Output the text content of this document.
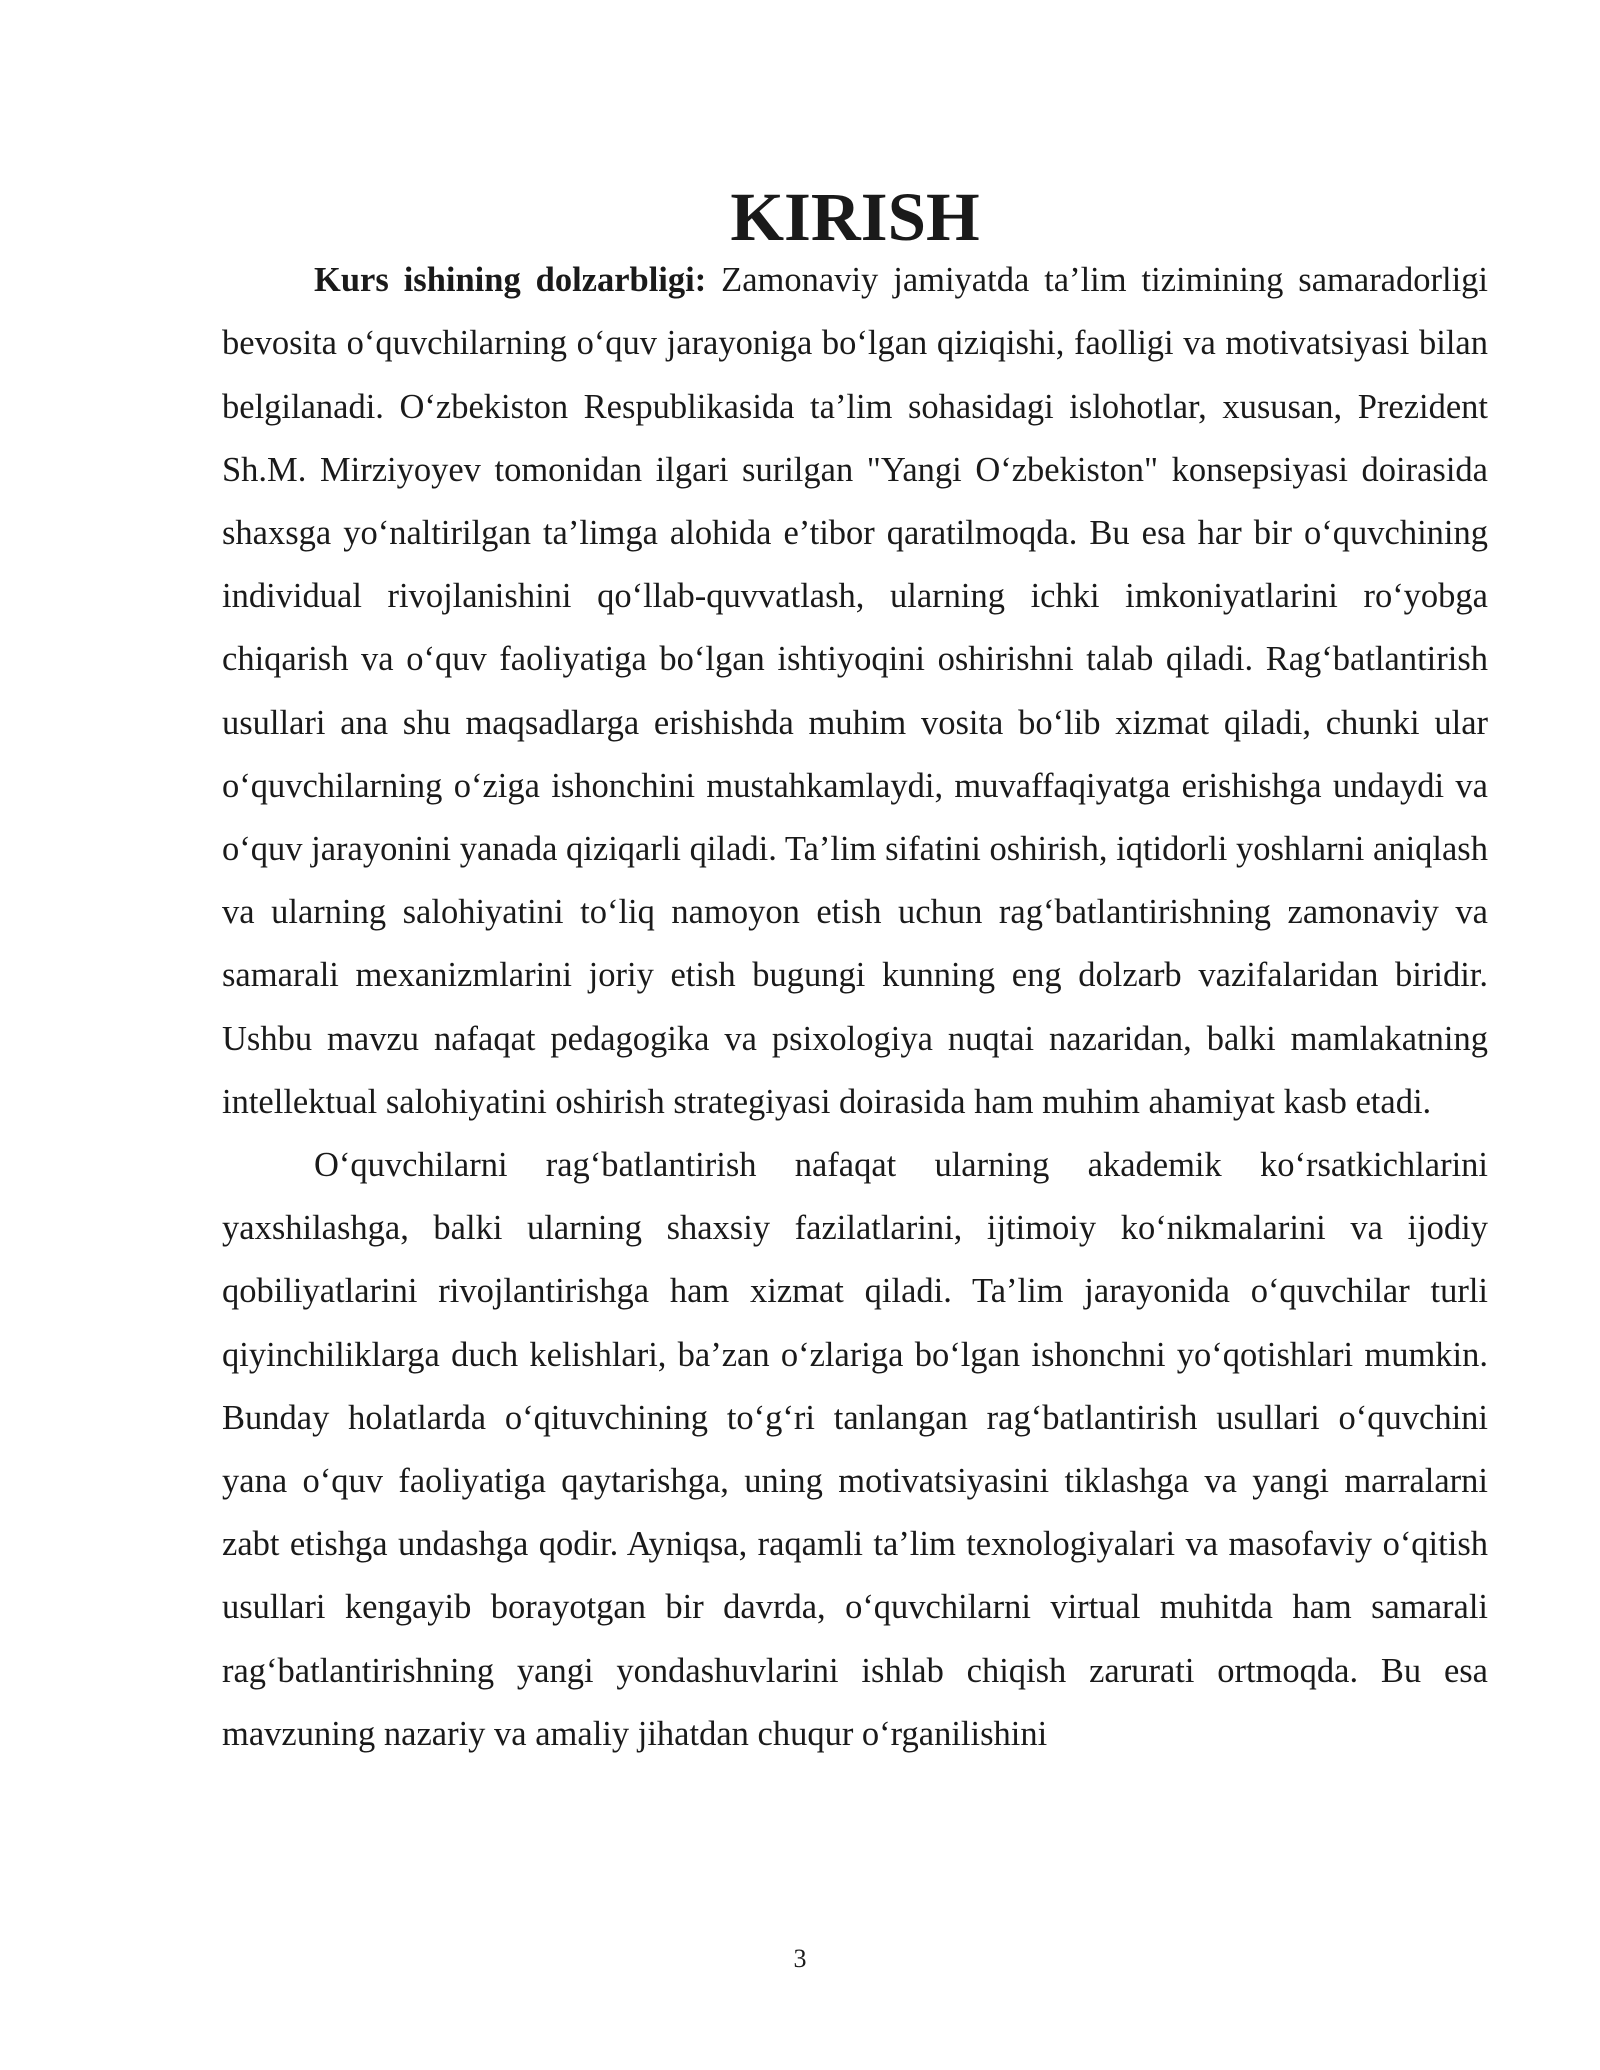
KIRISH

Kurs ishining dolzarbligi: Zamonaviy jamiyatda ta’lim tizimining samaradorligi bevosita o‘quvchilarning o‘quv jarayoniga bo‘lgan qiziqishi, faolligi va motivatsiyasi bilan belgilanadi. O‘zbekiston Respublikasida ta’lim sohasidagi islohotlar, xususan, Prezident Sh.M. Mirziyoyev tomonidan ilgari surilgan "Yangi O‘zbekiston" konsepsiyasi doirasida shaxsga yo‘naltirilgan ta’limga alohida e’tibor qaratilmoqda. Bu esa har bir o‘quvchining individual rivojlanishini qo‘llab-quvvatlash, ularning ichki imkoniyatlarini ro‘yobga chiqarish va o‘quv faoliyatiga bo‘lgan ishtiyoqini oshirishni talab qiladi. Rag‘batlantirish usullari ana shu maqsadlarga erishishda muhim vosita bo‘lib xizmat qiladi, chunki ular o‘quvchilarning o‘ziga ishonchini mustahkamlaydi, muvaffaqiyatga erishishga undaydi va o‘quv jarayonini yanada qiziqarli qiladi. Ta’lim sifatini oshirish, iqtidorli yoshlarni aniqlash va ularning salohiyatini to‘liq namoyon etish uchun rag‘batlantirishning zamonaviy va samarali mexanizmlarini joriy etish bugungi kunning eng dolzarb vazifalaridan biridir. Ushbu mavzu nafaqat pedagogika va psixologiya nuqtai nazaridan, balki mamlakatning intellektual salohiyatini oshirish strategiyasi doirasida ham muhim ahamiyat kasb etadi.

O‘quvchilarni rag‘batlantirish nafaqat ularning akademik ko‘rsatkichlarini yaxshilashga, balki ularning shaxsiy fazilatlarini, ijtimoiy ko‘nikmalarini va ijodiy qobiliyatlarini rivojlantirishga ham xizmat qiladi. Ta’lim jarayonida o‘quvchilar turli qiyinchiliklarga duch kelishlari, ba’zan o‘zlariga bo‘lgan ishonchni yo‘qotishlari mumkin. Bunday holatlarda o‘qituvchining to‘g‘ri tanlangan rag‘batlantirish usullari o‘quvchini yana o‘quv faoliyatiga qaytarishga, uning motivatsiyasini tiklashga va yangi marralarni zabt etishga undashga qodir. Ayniqsa, raqamli ta’lim texnologiyalari va masofaviy o‘qitish usullari kengayib borayotgan bir davrda, o‘quvchilarni virtual muhitda ham samarali rag‘batlantirishning yangi yondashuvlarini ishlab chiqish zarurati ortmoqda. Bu esa mavzuning nazariy va amaliy jihatdan chuqur o‘rganilishini

3
